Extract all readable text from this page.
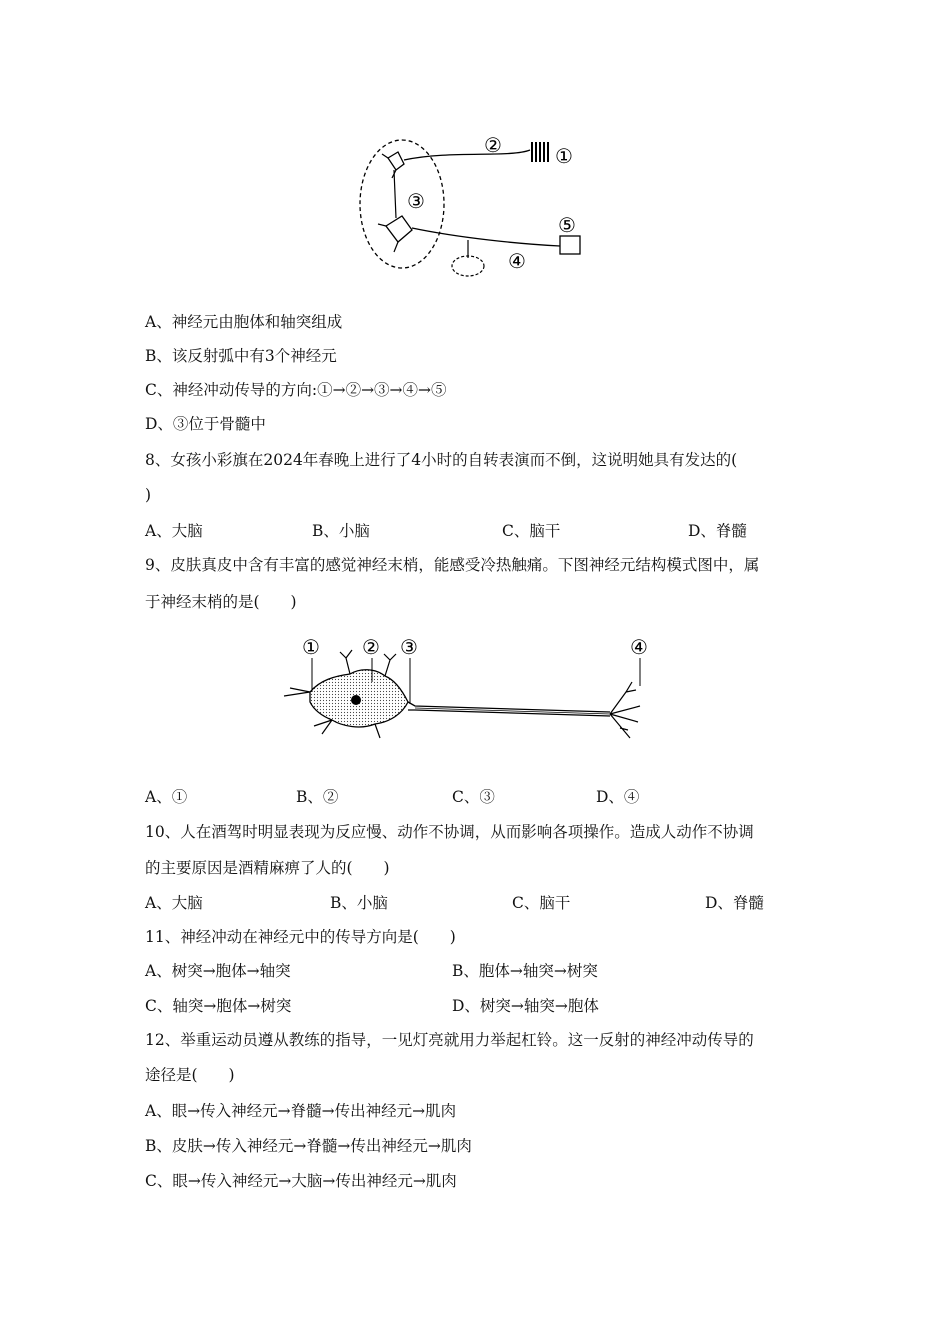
②	①
③
⑤
④
A、神经元由胞体和轴突组成
B、该反射弧中有3个神经元
C、神经冲动传导的方向:①→②→③→④→⑤
D、③位于骨髓中
8、女孩小彩旗在2024年春晚上进行了4小时的自转表演而不倒，这说明她具有发达的(
)
A、大脑	B、小脑	C、脑干	D、脊髓
9、皮肤真皮中含有丰富的感觉神经末梢，能感受冷热触痛。下图神经元结构模式图中，属
于神经末梢的是(　　)
① ② ③	④
A、①	B、②	C、③	D、④
10、人在酒驾时明显表现为反应慢、动作不协调，从而影响各项操作。造成人动作不协调
的主要原因是酒精麻痹了人的(　　)
A、大脑	B、小脑	C、脑干	D、脊髓
11、神经冲动在神经元中的传导方向是(　　)
A、树突→胞体→轴突	B、胞体→轴突→树突
C、轴突→胞体→树突	D、树突→轴突→胞体
12、举重运动员遵从教练的指导，一见灯亮就用力举起杠铃。这一反射的神经冲动传导的
途径是(　　)
A、眼→传入神经元→脊髓→传出神经元→肌肉
B、皮肤→传入神经元→脊髓→传出神经元→肌肉
C、眼→传入神经元→大脑→传出神经元→肌肉
